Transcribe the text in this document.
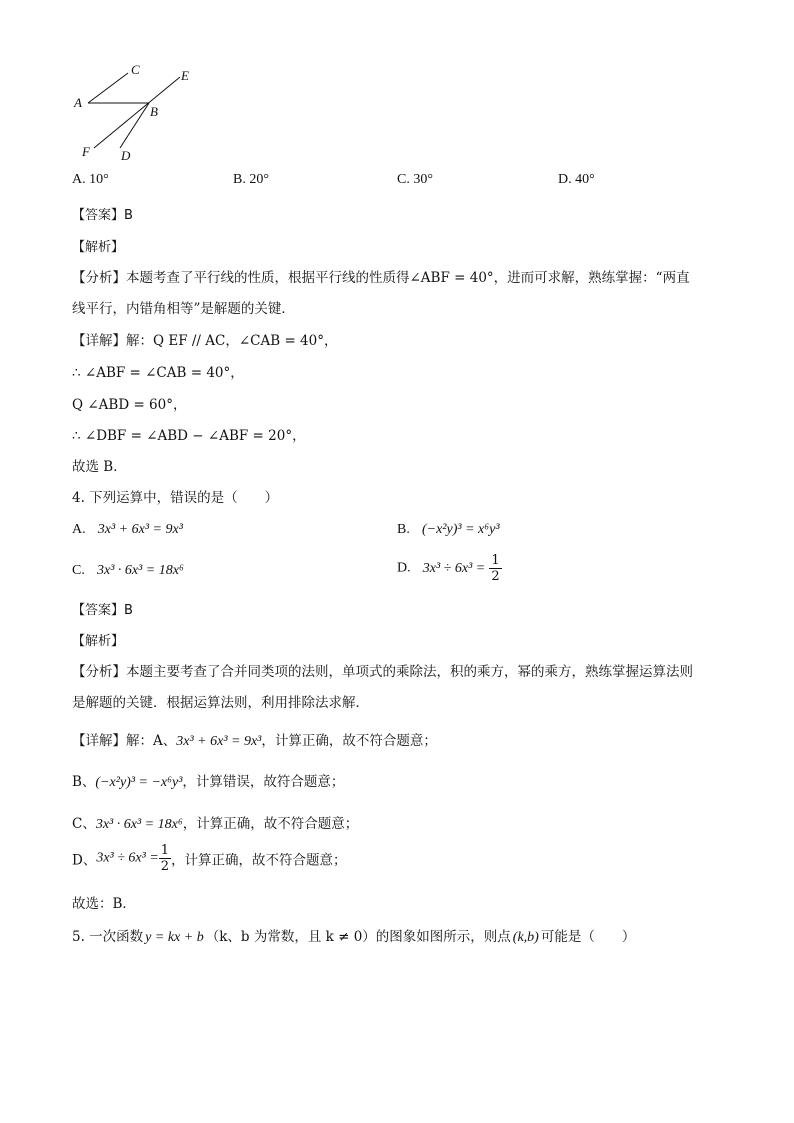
C	E
A
B
F D
A. 10°	B. 20°	C. 30°	D. 40°
【答案】B
【解析】
【分析】本题考查了平行线的性质，根据平行线的性质得∠ABF = 40°，进而可求解，熟练掌握：“两直
线平行，内错角相等”是解题的关键．
【详解】解：Q EF // AC，∠CAB = 40°，
∴ ∠ABF = ∠CAB = 40°，
Q ∠ABD = 60°，
∴ ∠DBF = ∠ABD − ∠ABF = 20°，
故选 B．
4. 下列运算中，错误的是（　　）
A. 3x³ + 6x³ = 9x³	B. (−x²y)³ = x⁶y³
C. 3x³ · 6x³ = 18x⁶	D. $3x^3 \div 6x^3 = \frac{1}{2}$
【答案】B
【解析】
【分析】本题主要考查了合并同类项的法则，单项式的乘除法，积的乘方，幂的乘方，熟练掌握运算法则
是解题的关键．根据运算法则，利用排除法求解．
【详解】解：A、3x³ + 6x³ = 9x³，计算正确，故不符合题意；
B、(−x²y)³ = −x⁶y³，计算错误，故符合题意；
C、3x³ · 6x³ = 18x⁶，计算正确，故不符合题意；
D、$3x^3 \div 6x^3 = \frac{1}{2}$ ，计算正确，故不符合题意；
故选：B．
5. 一次函数 y = kx + b （k、b 为常数，且 k ≠ 0）的图象如图所示，则点 (k,b) 可能是（　　）
